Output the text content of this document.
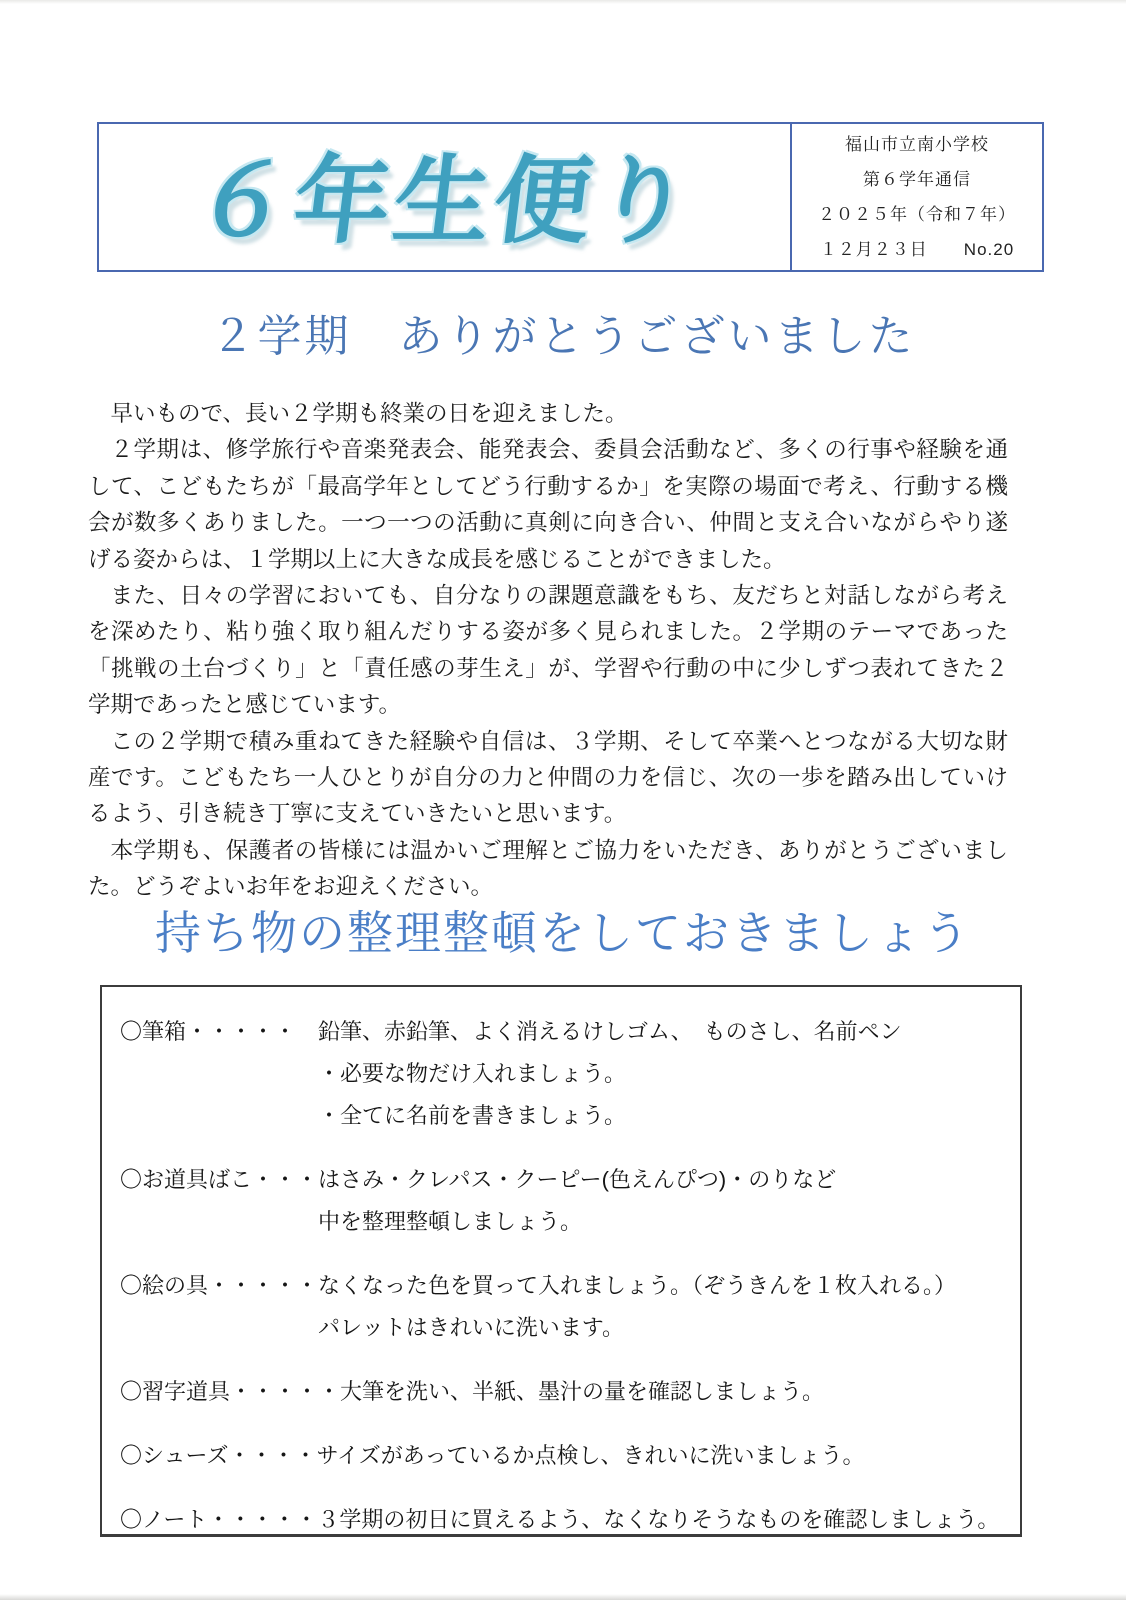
６年生便り
福山市立南小学校
第６学年通信
２０２５年（令和７年）
１２月２３日　　No.20
２学期　ありがとうございました

早いもので、長い２学期も終業の日を迎えました。

２学期は、修学旅行や音楽発表会、能発表会、委員会活動など、多くの行事や経験を通して、こどもたちが「最高学年としてどう行動するか」を実際の場面で考え、行動する機会が数多くありました。一つ一つの活動に真剣に向き合い、仲間と支え合いながらやり遂げる姿からは、１学期以上に大きな成長を感じることができました。

また、日々の学習においても、自分なりの課題意識をもち、友だちと対話しながら考えを深めたり、粘り強く取り組んだりする姿が多く見られました。２学期のテーマであった「挑戦の土台づくり」と「責任感の芽生え」が、学習や行動の中に少しずつ表れてきた２学期であったと感じています。

この２学期で積み重ねてきた経験や自信は、３学期、そして卒業へとつながる大切な財産です。こどもたち一人ひとりが自分の力と仲間の力を信じ、次の一歩を踏み出していけるよう、引き続き丁寧に支えていきたいと思います。

本学期も、保護者の皆様には温かいご理解とご協力をいただき、ありがとうございました。どうぞよいお年をお迎えください。

持ち物の整理整頓をしておきましょう
〇筆箱・・・・・　鉛筆、赤鉛筆、よく消えるけしゴム、　ものさし、名前ペン
　　　　　　　　　・必要な物だけ入れましょう。
　　　　　　　　　・全てに名前を書きましょう。
〇お道具ばこ・・・はさみ・クレパス・クーピー(色えんぴつ)・のりなど
　　　　　　　　　中を整理整頓しましょう。
〇絵の具・・・・・なくなった色を買って入れましょう。（ぞうきんを１枚入れる。）
　　　　　　　　　パレットはきれいに洗います。
〇習字道具・・・・・大筆を洗い、半紙、墨汁の量を確認しましょう。
〇シューズ・・・・サイズがあっているか点検し、きれいに洗いましょう。
〇ノート・・・・・３学期の初日に買えるよう、なくなりそうなものを確認しましょう。
